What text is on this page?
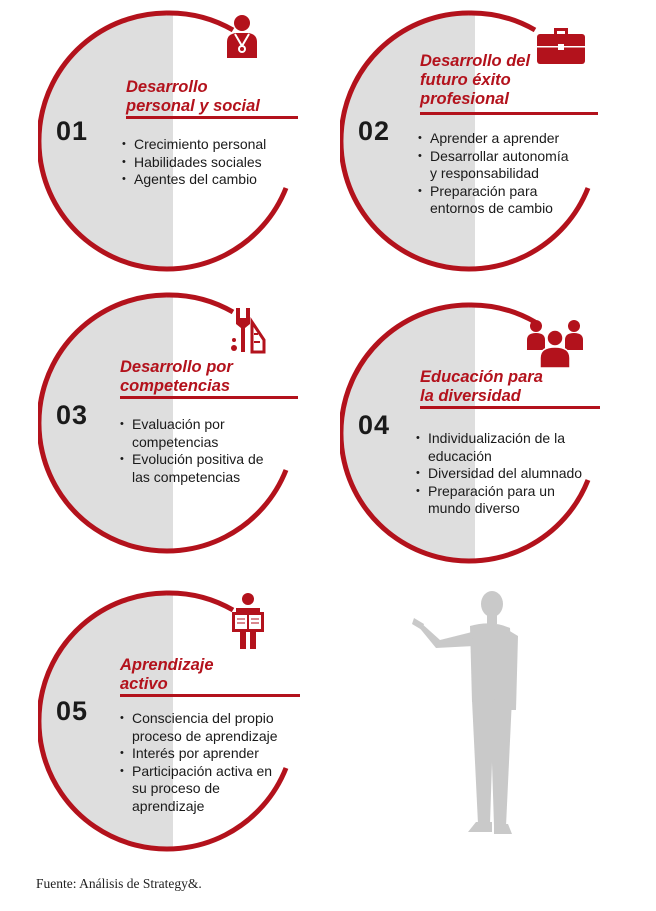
01
Desarrollo
personal y social
• Crecimiento personal
• Habilidades sociales
• Agentes del cambio
02
Desarrollo del
futuro éxito
profesional
• Aprender a aprender
• Desarrollar autonomía y responsabilidad
• Preparación para entornos de cambio
03
Desarrollo por
competencias
• Evaluación por competencias
• Evolución positiva de las competencias
04
Educación para
la diversidad
• Individualización de la educación
• Diversidad del alumnado
• Preparación para un mundo diverso
05
Aprendizaje
activo
• Consciencia del propio proceso de aprendizaje
• Interés por aprender
• Participación activa en su proceso de aprendizaje
Fuente: Análisis de Strategy&.
